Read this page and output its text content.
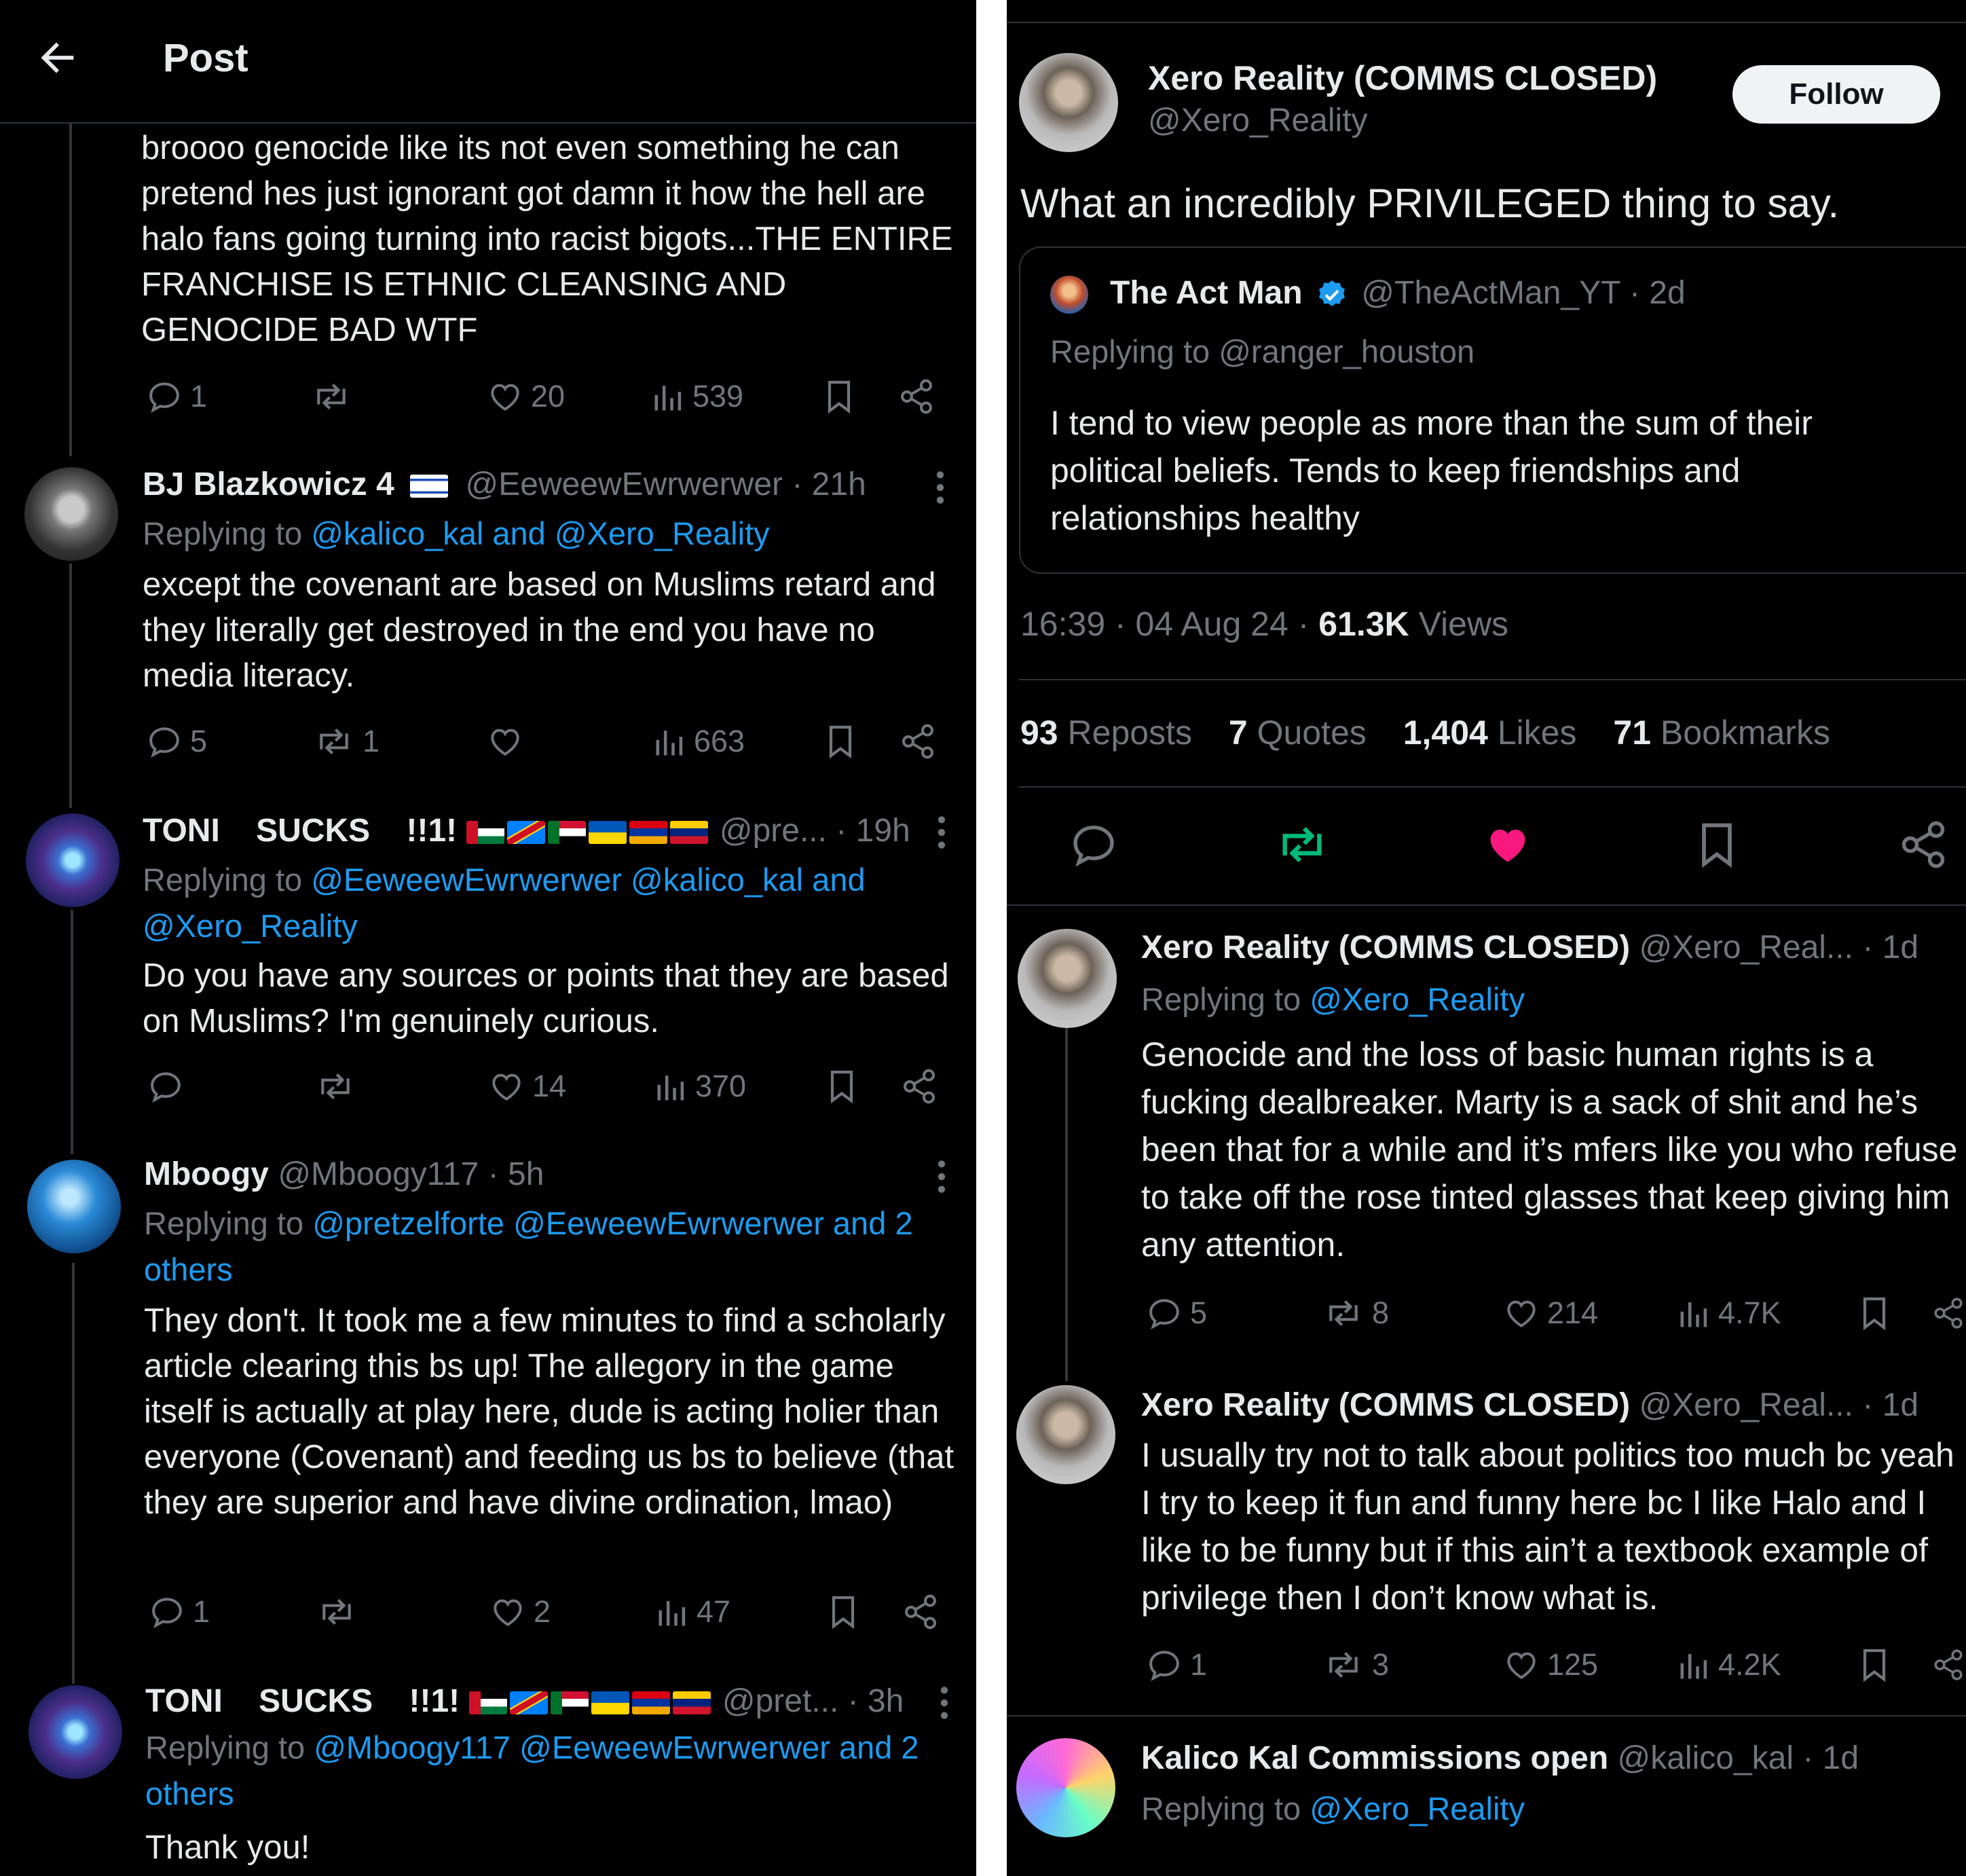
Post
broooo genocide like its not even something he can pretend hes just ignorant got damn it how the hell are halo fans going turning into racist bigots...THE ENTIRE FRANCHISE IS ETHNIC CLEANSING AND GENOCIDE BAD WTF
1	20	539
BJ Blazkowicz 4 @EeweewEwrwerwer · 21h
Replying to @kalico_kal and @Xero_Reality
except the covenant are based on Muslims retard and they literally get destroyed in the end you have no media literacy.
5	1	663
TONI    SUCKS    !!1!	@pre... · 19h
Replying to @EeweewEwrwerwer @kalico_kal and @Xero_Reality
Do you have any sources or points that they are based on Muslims? I'm genuinely curious.
14	370
Mboogy @Mboogy117 · 5h
Replying to @pretzelforte @EeweewEwrwerwer and 2 others
They don't. It took me a few minutes to find a scholarly article clearing this bs up! The allegory in the game itself is actually at play here, dude is acting holier than everyone (Covenant) and feeding us bs to believe (that they are superior and have divine ordination, lmao)
1	2	47
TONI    SUCKS    !!1!	@pret... · 3h
Replying to @Mboogy117 @EeweewEwrwerwer and 2 others
Thank you!
Xero Reality (COMMS CLOSED)
@Xero_Reality
Follow
What an incredibly PRIVILEGED thing to say.
The Act Man @TheActMan_YT · 2d
Replying to @ranger_houston
I tend to view people as more than the sum of their political beliefs. Tends to keep friendships and relationships healthy
16:39 · 04 Aug 24 · 61.3K Views
93 Reposts 7 Quotes 1,404 Likes 71 Bookmarks
Xero Reality (COMMS CLOSED) @Xero_Real... · 1d
Replying to @Xero_Reality
Genocide and the loss of basic human rights is a fucking dealbreaker. Marty is a sack of shit and he’s been that for a while and it’s mfers like you who refuse to take off the rose tinted glasses that keep giving him any attention.
5	8	214	4.7K
Xero Reality (COMMS CLOSED) @Xero_Real... · 1d
I usually try not to talk about politics too much bc yeah I try to keep it fun and funny here bc I like Halo and I like to be funny but if this ain’t a textbook example of privilege then I don’t know what is.
1	3	125	4.2K
Kalico Kal Commissions open @kalico_kal · 1d
Replying to @Xero_Reality
